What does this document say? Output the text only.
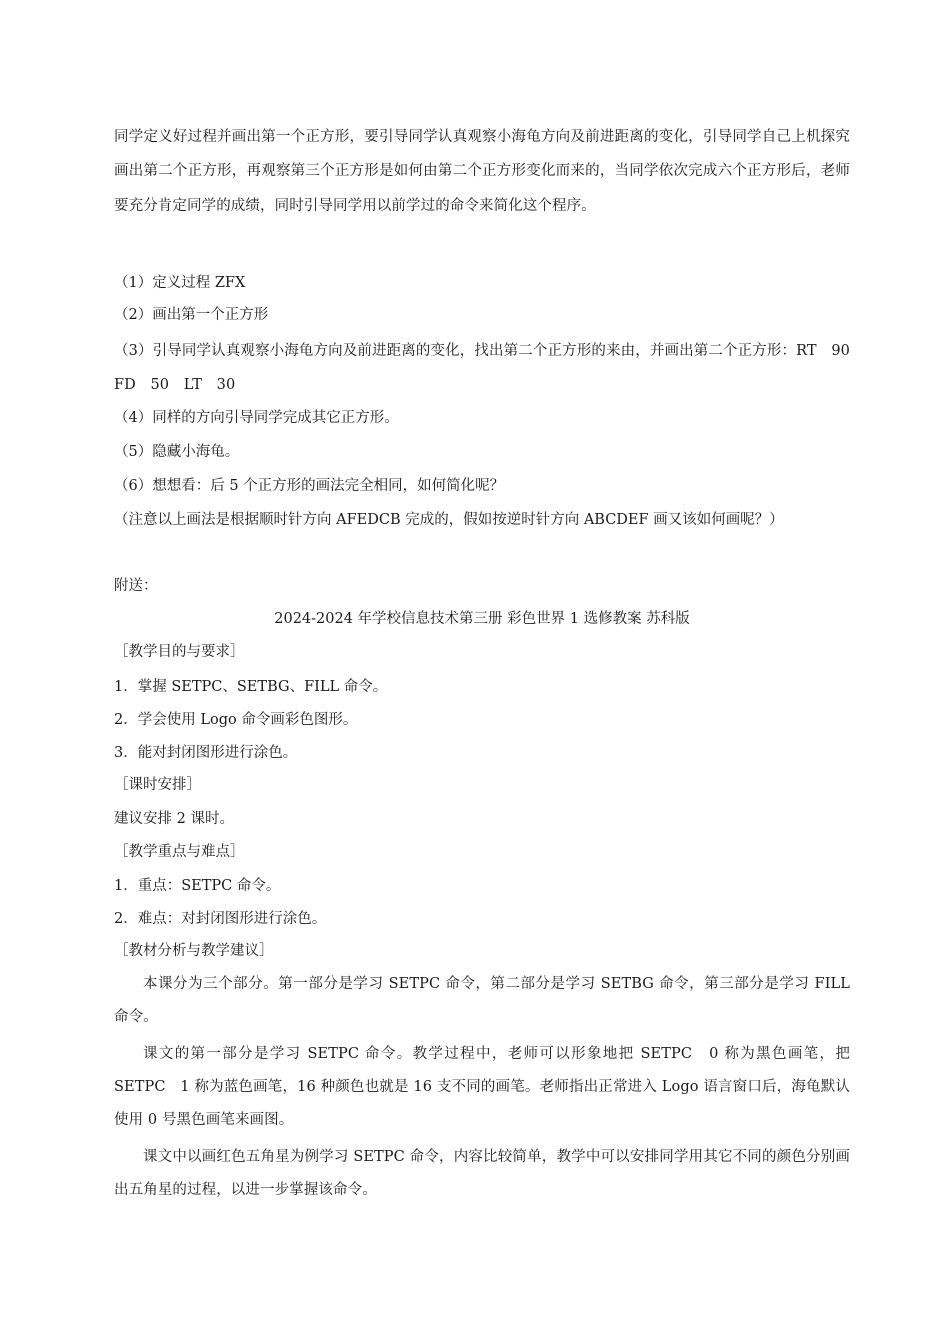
同学定义好过程并画出第一个正方形，要引导同学认真观察小海龟方向及前进距离的变化，引导同学自己上机探究画出第二个正方形，再观察第三个正方形是如何由第二个正方形变化而来的，当同学依次完成六个正方形后，老师要充分肯定同学的成绩，同时引导同学用以前学过的命令来简化这个程序。

（1）定义过程 ZFX
（2）画出第一个正方形

（3）引导同学认真观察小海龟方向及前进距离的变化，找出第二个正方形的来由，并画出第二个正方形：RT　90　FD　50　LT　30

（4）同样的方向引导同学完成其它正方形。
（5）隐藏小海龟。
（6）想想看：后 5 个正方形的画法完全相同，如何简化呢？
（注意以上画法是根据顺时针方向 AFEDCB 完成的，假如按逆时针方向 ABCDEF 画又该如何画呢？）
附送：
2024-2024 年学校信息技术第三册 彩色世界 1 选修教案 苏科版
［教学目的与要求］
1．掌握 SETPC、SETBG、FILL 命令。
2．学会使用 Logo 命令画彩色图形。
3．能对封闭图形进行涂色。
［课时安排］
建议安排 2 课时。
［教学重点与难点］
1．重点：SETPC 命令。
2．难点：对封闭图形进行涂色。
［教材分析与教学建议］

本课分为三个部分。第一部分是学习 SETPC 命令，第二部分是学习 SETBG 命令，第三部分是学习 FILL 命令。

课文的第一部分是学习 SETPC 命令。教学过程中，老师可以形象地把 SETPC　0 称为黑色画笔，把 SETPC　1 称为蓝色画笔，16 种颜色也就是 16 支不同的画笔。老师指出正常进入 Logo 语言窗口后，海龟默认使用 0 号黑色画笔来画图。

课文中以画红色五角星为例学习 SETPC 命令，内容比较简单，教学中可以安排同学用其它不同的颜色分别画出五角星的过程，以进一步掌握该命令。
